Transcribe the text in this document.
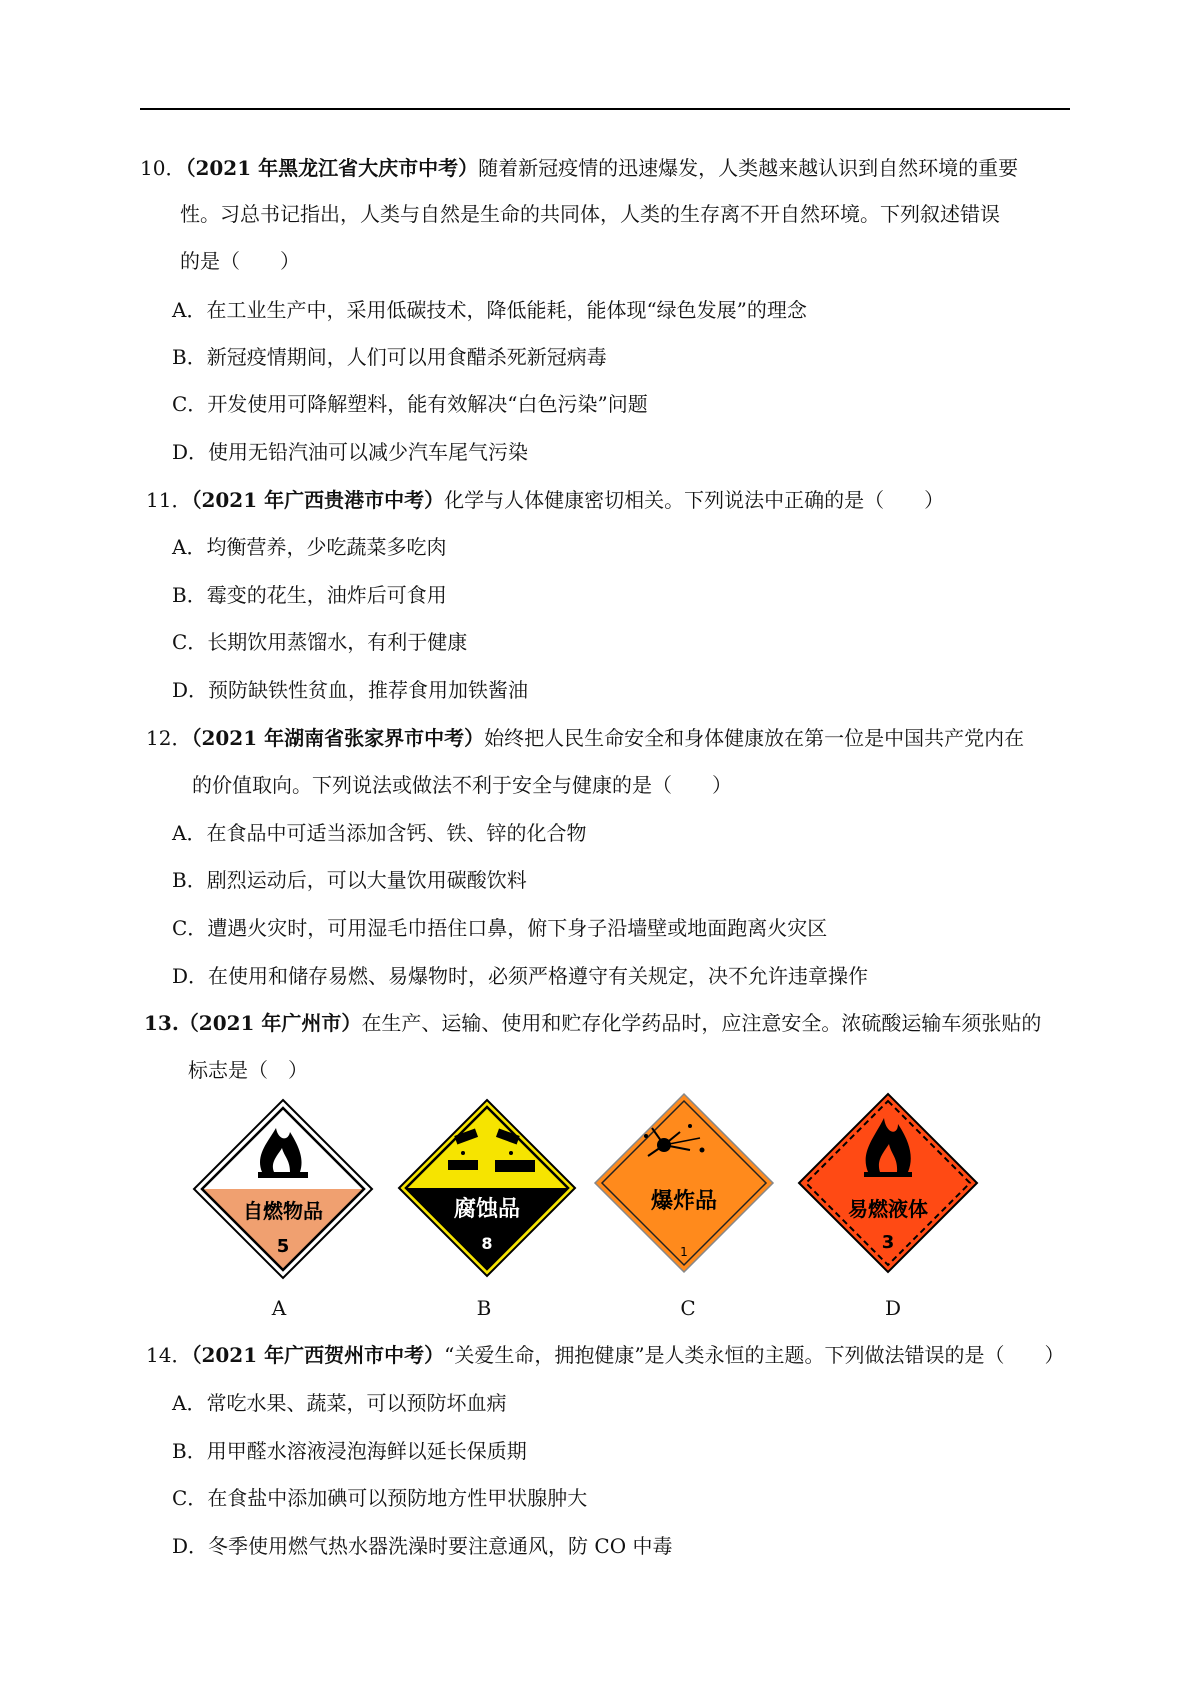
10．（2021 年黑龙江省大庆市中考）随着新冠疫情的迅速爆发，人类越来越认识到自然环境的重要
性。习总书记指出，人类与自然是生命的共同体，人类的生存离不开自然环境。下列叙述错误
的是（　　）
A．在工业生产中，采用低碳技术，降低能耗，能体现“绿色发展”的理念
B．新冠疫情期间，人们可以用食醋杀死新冠病毒
C．开发使用可降解塑料，能有效解决“白色污染”问题
D．使用无铅汽油可以减少汽车尾气污染
11．（2021 年广西贵港市中考）化学与人体健康密切相关。下列说法中正确的是（　　）
A．均衡营养，少吃蔬菜多吃肉
B．霉变的花生，油炸后可食用
C．长期饮用蒸馏水，有利于健康
D．预防缺铁性贫血，推荐食用加铁酱油
12．（2021 年湖南省张家界市中考）始终把人民生命安全和身体健康放在第一位是中国共产党内在
的价值取向。下列说法或做法不利于安全与健康的是（　　）
A．在食品中可适当添加含钙、铁、锌的化合物
B．剧烈运动后，可以大量饮用碳酸饮料
C．遭遇火灾时，可用湿毛巾捂住口鼻，俯下身子沿墙壁或地面跑离火灾区
D．在使用和储存易燃、易爆物时，必须严格遵守有关规定，决不允许违章操作
13.（2021 年广州市）在生产、运输、使用和贮存化学药品时，应注意安全。浓硫酸运输车须张贴的
标志是（　）
自燃物品
5
腐蚀品
8
爆炸品
1
易燃液体
3
A	B	C	D
14．（2021 年广西贺州市中考）“关爱生命，拥抱健康”是人类永恒的主题。下列做法错误的是（　　）
A．常吃水果、蔬菜，可以预防坏血病
B．用甲醛水溶液浸泡海鲜以延长保质期
C．在食盐中添加碘可以预防地方性甲状腺肿大
D．冬季使用燃气热水器洗澡时要注意通风，防 CO 中毒
